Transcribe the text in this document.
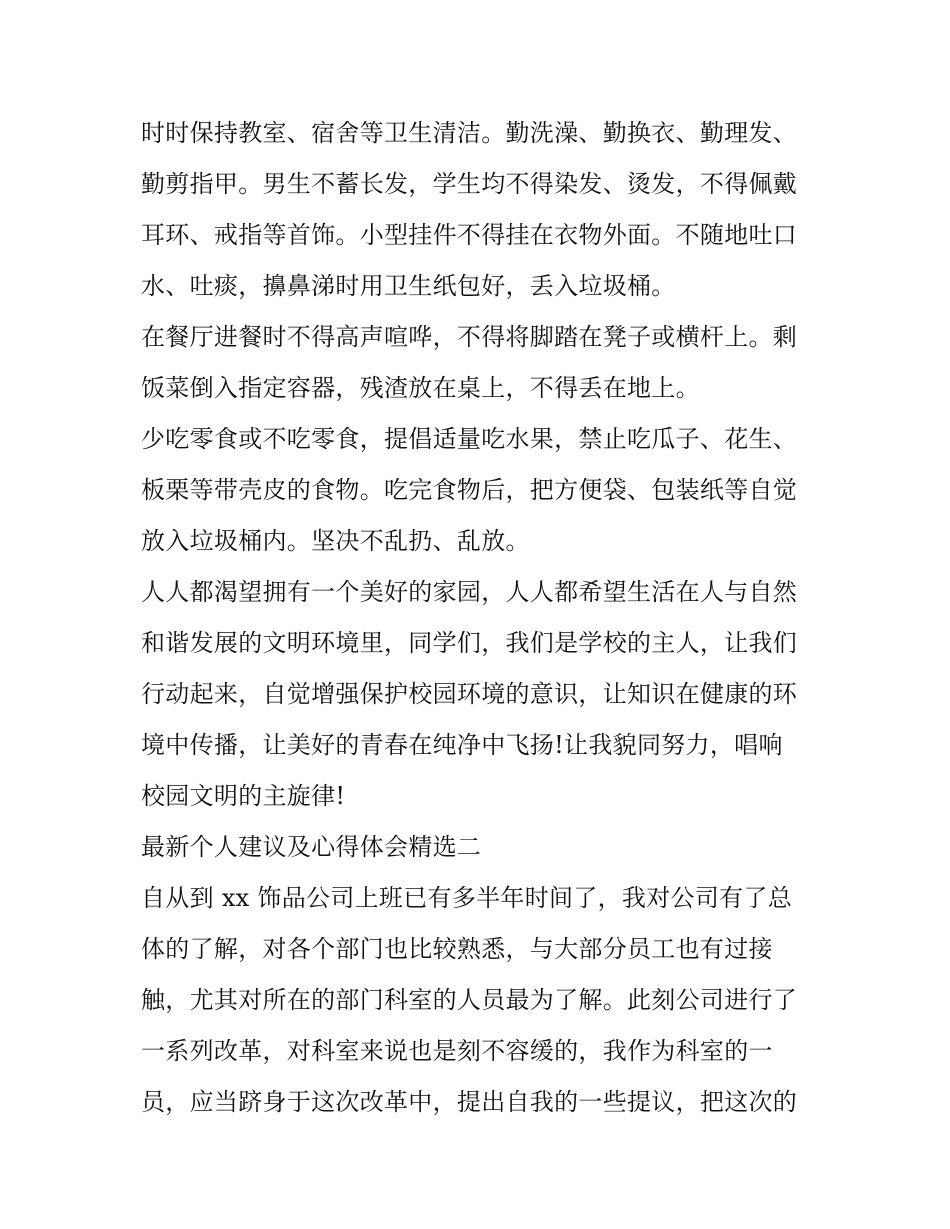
时时保持教室、宿舍等卫生清洁。勤洗澡、勤换衣、勤理发、
勤剪指甲。男生不蓄长发，学生均不得染发、烫发，不得佩戴
耳环、戒指等首饰。小型挂件不得挂在衣物外面。不随地吐口
水、吐痰，擤鼻涕时用卫生纸包好，丢入垃圾桶。
在餐厅进餐时不得高声喧哗，不得将脚踏在凳子或横杆上。剩
饭菜倒入指定容器，残渣放在桌上，不得丢在地上。
少吃零食或不吃零食，提倡适量吃水果，禁止吃瓜子、花生、
板栗等带壳皮的食物。吃完食物后，把方便袋、包装纸等自觉
放入垃圾桶内。坚决不乱扔、乱放。
人人都渴望拥有一个美好的家园，人人都希望生活在人与自然
和谐发展的文明环境里，同学们，我们是学校的主人，让我们
行动起来，自觉增强保护校园环境的意识，让知识在健康的环
境中传播，让美好的青春在纯净中飞扬!让我貌同努力，唱响
校园文明的主旋律!
最新个人建议及心得体会精选二
自从到 xx 饰品公司上班已有多半年时间了，我对公司有了总
体的了解，对各个部门也比较熟悉，与大部分员工也有过接
触，尤其对所在的部门科室的人员最为了解。此刻公司进行了
一系列改革，对科室来说也是刻不容缓的，我作为科室的一
员，应当跻身于这次改革中，提出自我的一些提议，把这次的
